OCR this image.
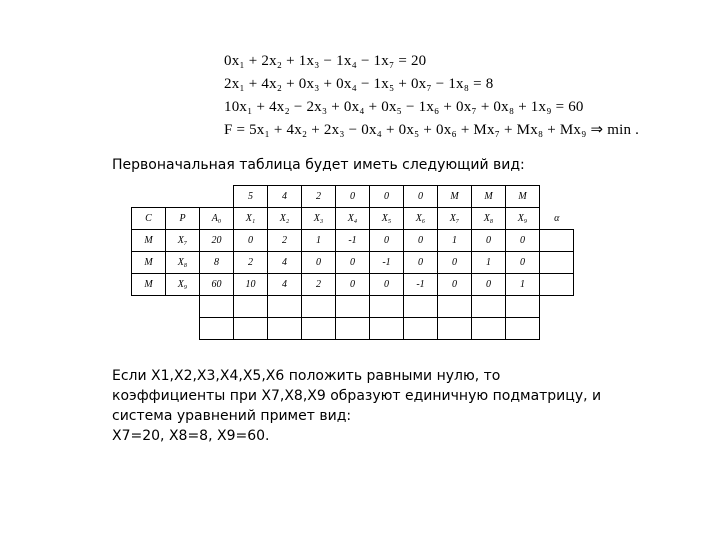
0x₁ + 2x₂ + 1x₃ − 1x₄ − 1x₇ = 20
2x₁ + 4x₂ + 0x₃ + 0x₄ − 1x₅ + 0x₇ − 1x₈ = 8
10x₁ + 4x₂ − 2x₃ + 0x₄ + 0x₅ − 1x₆ + 0x₇ + 0x₈ + 1x₉ = 60
F = 5x₁ + 4x₂ + 2x₃ − 0x₄ + 0x₅ + 0x₆ + Mx₇ + Mx₈ + Mx₉ ⇒ min .
Первоначальная таблица будет иметь следующий вид:
			5	4	2	0	0	0	M	M	M	
C	P	A₀	X₁	X₂	X₃	X₄	X₅	X₆	X₇	X₈	X₉	α
M	X₇	20	0	2	1	-1	0	0	1	0	0	
M	X₈	8	2	4	0	0	-1	0	0	1	0	
M	X₉	60	10	4	2	0	0	-1	0	0	1	

Если X1,X2,X3,X4,X5,X6 положить равными нулю, то
коэффициенты при X7,X8,X9 образуют единичную подматрицу, и
система уравнений примет вид:
X7=20, X8=8, X9=60.
